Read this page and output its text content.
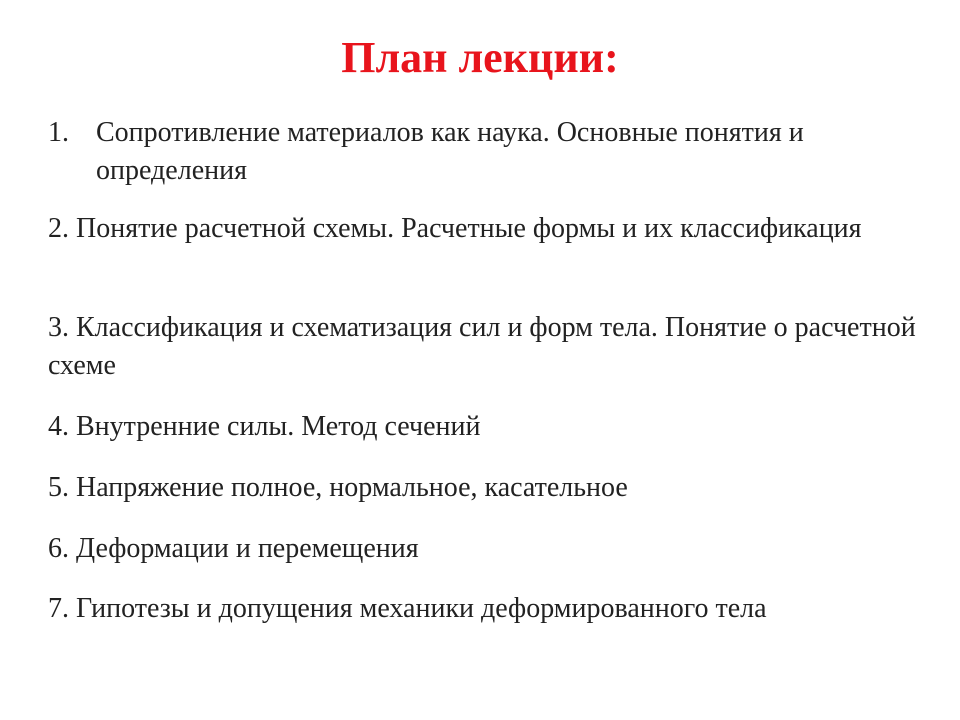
План лекции:
1. Сопротивление материалов как наука. Основные понятия и определения
2. Понятие расчетной схемы. Расчетные формы и их классификация
3. Классификация и схематизация сил и форм тела. Понятие о расчетной схеме
4. Внутренние силы. Метод сечений
5. Напряжение полное, нормальное, касательное
6. Деформации и перемещения
7. Гипотезы и допущения механики деформированного тела
